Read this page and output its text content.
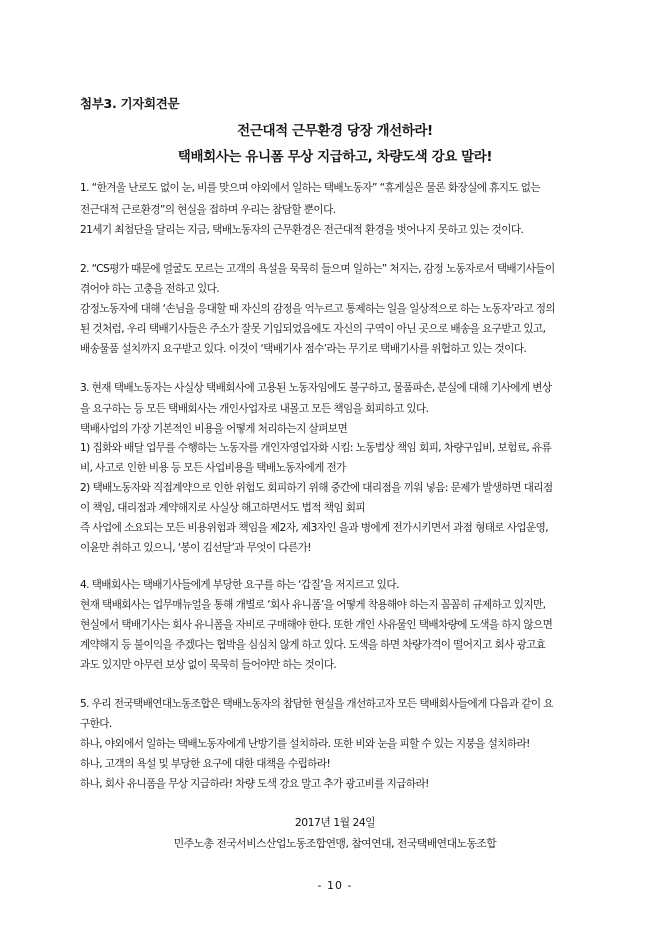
첨부3. 기자회견문
전근대적 근무환경 당장 개선하라!
택배회사는 유니폼 무상 지급하고, 차량도색 강요 말라!
1. “한겨울 난로도 없이 눈, 비를 맞으며 야외에서 일하는 택배노동자” “휴게실은 물론 화장실에 휴지도 없는
전근대적 근로환경”의 현실을 접하며 우리는 참담할 뿐이다.
21세기 최첨단을 달리는 지금, 택배노동자의 근무환경은 전근대적 환경을 벗어나지 못하고 있는 것이다.
2. “CS평가 때문에 얼굴도 모르는 고객의 욕설을 묵묵히 들으며 일하는” 처지는, 감정 노동자로서 택배기사들이
겪어야 하는 고충을 전하고 있다.
감정노동자에 대해 ‘손님을 응대할 때 자신의 감정을 억누르고 통제하는 일을 일상적으로 하는 노동자’라고 정의
된 것처럼, 우리 택배기사들은 주소가 잘못 기입되었음에도 자신의 구역이 아닌 곳으로 배송을 요구받고 있고,
배송물품 설치까지 요구받고 있다. 이것이 ‘택배기사 점수’라는 무기로 택배기사를 위협하고 있는 것이다.
3. 현재 택배노동자는 사실상 택배회사에 고용된 노동자임에도 불구하고, 물품파손, 분실에 대해 기사에게 변상
을 요구하는 등 모든 택배회사는 개인사업자로 내몰고 모든 책임을 회피하고 있다.
택배사업의 가장 기본적인 비용을 어떻게 처리하는지 살펴보면
1) 집화와 배달 업무를 수행하는 노동자를 개인자영업자화 시킴: 노동법상 책임 회피, 차량구입비, 보험료, 유류
비, 사고로 인한 비용 등 모든 사업비용을 택배노동자에게 전가
2) 택배노동자와 직접계약으로 인한 위험도 회피하기 위해 중간에 대리점을 끼워 넣음: 문제가 발생하면 대리점
이 책임, 대리점과 계약해지로 사실상 해고하면서도 법적 책임 회피
즉 사업에 소요되는 모든 비용위험과 책임을 제2자, 제3자인 을과 병에게 전가시키면서 과점 형태로 사업운영,
이윤만 취하고 있으니, ‘봉이 김선달’과 무엇이 다른가!
4. 택배회사는 택배기사들에게 부당한 요구를 하는 ‘갑질’을 저지르고 있다.
현재 택배회사는 업무매뉴얼을 통해 개별로 ‘회사 유니폼’을 어떻게 착용해야 하는지 꼼꼼히 규제하고 있지만,
현실에서 택배기사는 회사 유니폼을 자비로 구매해야 한다. 또한 개인 사유물인 택배차량에 도색을 하지 않으면
계약해지 등 불이익을 주겠다는 협박을 심심치 않게 하고 있다. 도색을 하면 차량가격이 떨어지고 회사 광고효
과도 있지만 아무런 보상 없이 묵묵히 들어야만 하는 것이다.
5. 우리 전국택배연대노동조합은 택배노동자의 참담한 현실을 개선하고자 모든 택배회사들에게 다음과 같이 요
구한다.
하나, 야외에서 일하는 택배노동자에게 난방기를 설치하라. 또한 비와 눈을 피할 수 있는 지붕을 설치하라!
하나, 고객의 욕설 및 부당한 요구에 대한 대책을 수립하라!
하나, 회사 유니폼을 무상 지급하라! 차량 도색 강요 말고 추가 광고비를 지급하라!
2017년 1월 24일
민주노총 전국서비스산업노동조합연맹, 참여연대, 전국택배연대노동조합
- 10 -
